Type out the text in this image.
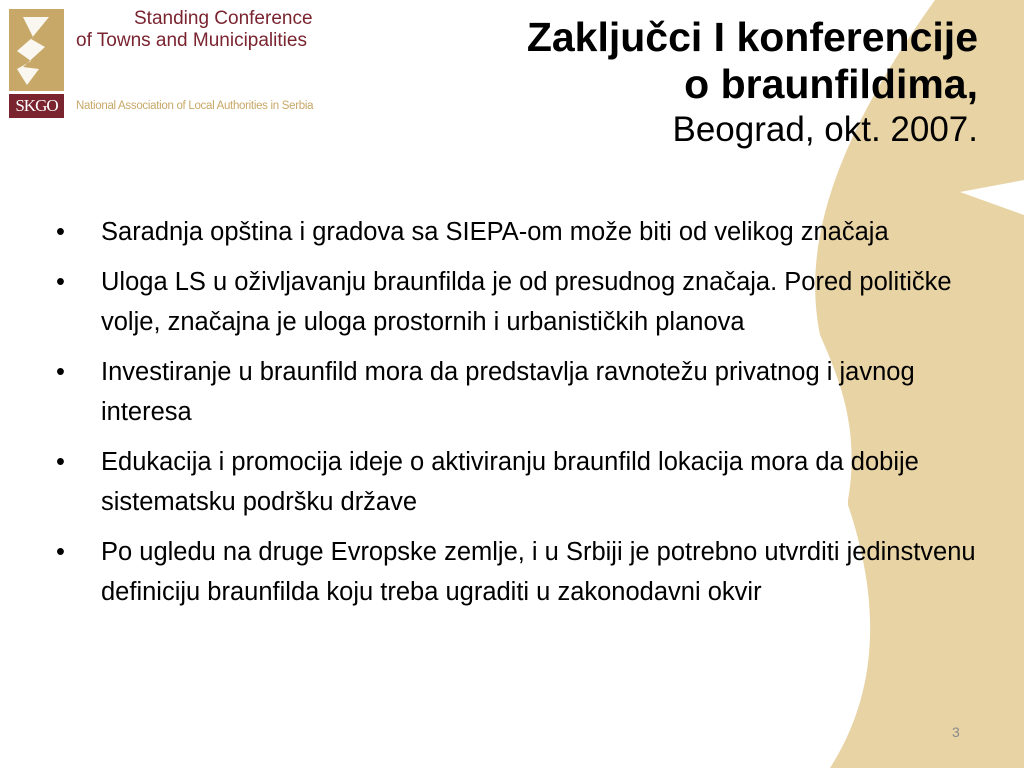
SKGO
Standing Conference
of Towns and Municipalities
National Association of Local Authorities in Serbia
Zaključci I konferencije
o braunfildima,
Beograd, okt. 2007.
• Saradnja opština i gradova sa SIEPA-om može biti od velikog značaja
• Uloga LS u oživljavanju braunfilda je od presudnog značaja. Pored političke volje, značajna je uloga prostornih i urbanističkih planova
• Investiranje u braunfild mora da predstavlja ravnotežu privatnog i javnog interesa
• Edukacija i promocija ideje o aktiviranju braunfild lokacija mora da dobije sistematsku podršku države
• Po ugledu na druge Evropske zemlje, i u Srbiji je potrebno utvrditi jedinstvenu definiciju braunfilda koju treba ugraditi u zakonodavni okvir
3
